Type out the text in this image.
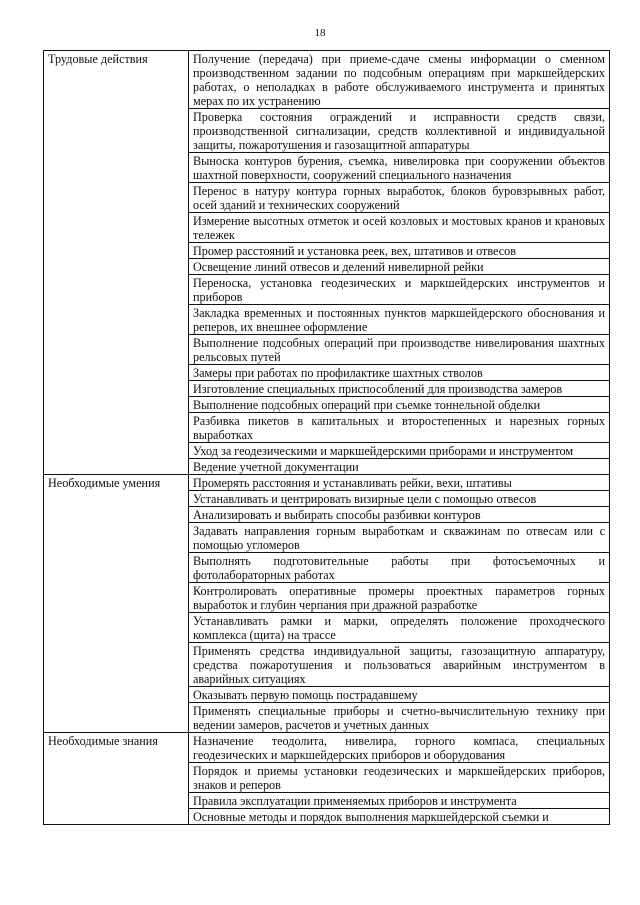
18
Трудовые действия	Получение (передача) при приеме-сдаче смены информации о сменном производственном задании по подсобным операциям при маркшейдерских работах, о неполадках в работе обслуживаемого инструмента и принятых мерах по их устранению
	Проверка состояния ограждений и исправности средств связи, производственной сигнализации, средств коллективной и индивидуальной защиты, пожаротушения и газозащитной аппаратуры
	Выноска контуров бурения, съемка, нивелировка при сооружении объектов шахтной поверхности, сооружений специального назначения
	Перенос в натуру контура горных выработок, блоков буровзрывных работ, осей зданий и технических сооружений
	Измерение высотных отметок и осей козловых и мостовых кранов и крановых тележек
	Промер расстояний и установка реек, вех, штативов и отвесов
	Освещение линий отвесов и делений нивелирной рейки
	Переноска, установка геодезических и маркшейдерских инструментов и приборов
	Закладка временных и постоянных пунктов маркшейдерского обоснования и реперов, их внешнее оформление
	Выполнение подсобных операций при производстве нивелирования шахтных рельсовых путей
	Замеры при работах по профилактике шахтных стволов
	Изготовление специальных приспособлений для производства замеров
	Выполнение подсобных операций при съемке тоннельной обделки
	Разбивка пикетов в капитальных и второстепенных и нарезных горных выработках
	Уход за геодезическими и маркшейдерскими приборами и инструментом
	Ведение учетной документации
Необходимые умения	Промерять расстояния и устанавливать рейки, вехи, штативы
	Устанавливать и центрировать визирные цели с помощью отвесов
	Анализировать и выбирать способы разбивки контуров
	Задавать направления горным выработкам и скважинам по отвесам или с помощью угломеров
	Выполнять подготовительные работы при фотосъемочных и фотолабораторных работах
	Контролировать оперативные промеры проектных параметров горных выработок и глубин черпания при дражной разработке
	Устанавливать рамки и марки, определять положение проходческого комплекса (щита) на трассе
	Применять средства индивидуальной защиты, газозащитную аппаратуру, средства пожаротушения и пользоваться аварийным инструментом в аварийных ситуациях
	Оказывать первую помощь пострадавшему
	Применять специальные приборы и счетно-вычислительную технику при ведении замеров, расчетов и учетных данных
Необходимые знания	Назначение теодолита, нивелира, горного компаса, специальных геодезических и маркшейдерских приборов и оборудования
	Порядок и приемы установки геодезических и маркшейдерских приборов, знаков и реперов
	Правила эксплуатации применяемых приборов и инструмента
	Основные методы и порядок выполнения маркшейдерской съемки и
